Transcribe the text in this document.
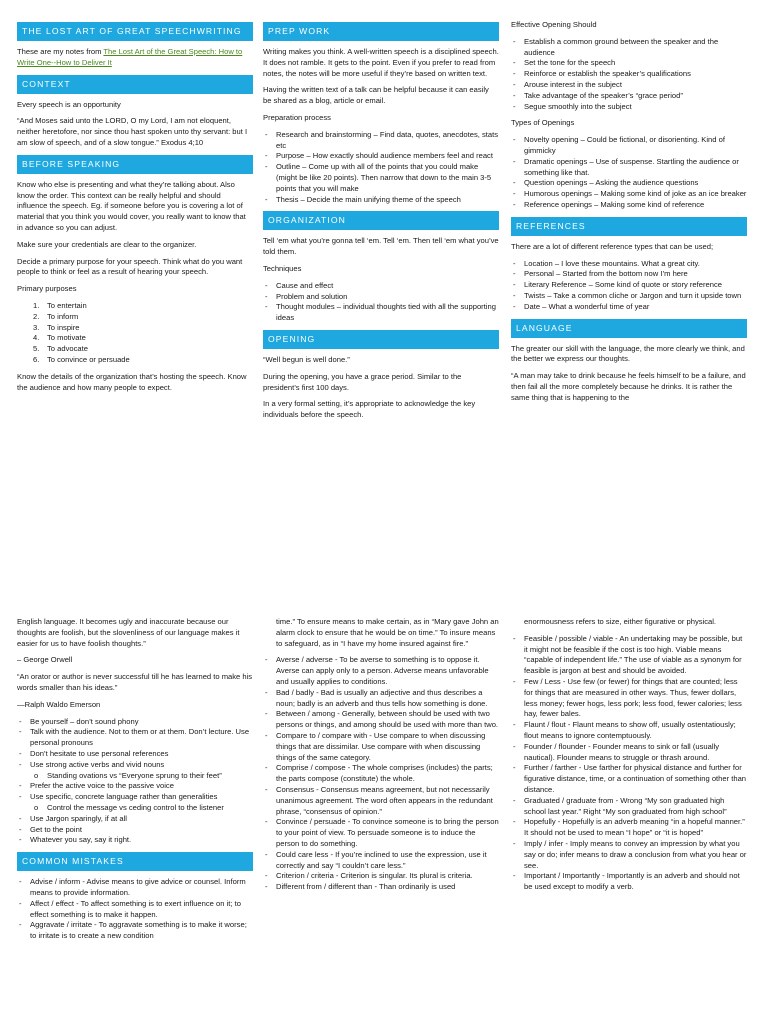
THE LOST ART OF GREAT SPEECHWRITING

These are my notes from The Lost Art of the Great Speech: How to Write One--How to Deliver It

CONTEXT

Every speech is an opportunity

“And Moses said unto the LORD, O my Lord, I am not eloquent, neither heretofore, nor since thou hast spoken unto thy servant: but I am slow of speech, and of a slow tongue.” Exodus 4;10

BEFORE SPEAKING

Know who else is presenting and what they’re talking about. Also know the order. This context can be really helpful and should influence the speech. Eg. if someone before you is covering a lot of material that you think you would cover, you really want to know that in advance so you can adjust.

Make sure your credentials are clear to the organizer.

Decide a primary purpose for your speech. Think what do you want people to think or feel as a result of hearing your speech.

Primary purposes

1. To entertain
2. To inform
3. To inspire
4. To motivate
5. To advocate
6. To convince or persuade

Know the details of the organization that’s hosting the speech. Know the audience and how many people to expect.

PREP WORK

Writing makes you think. A well-written speech is a disciplined speech. It does not ramble. It gets to the point. Even if you prefer to read from notes, the notes will be more useful if they’re based on written text.

Having the written text of a talk can be helpful because it can easily be shared as a blog, article or email.

Preparation process

- Research and brainstorming – Find data, quotes, anecdotes, stats etc
- Purpose – How exactly should audience members feel and react
- Outline – Come up with all of the points that you could make (might be like 20 points). Then narrow that down to the main 3-5 points that you will make
- Thesis – Decide the main unifying theme of the speech
ORGANIZATION

Tell ‘em what you’re gonna tell ‘em. Tell ‘em. Then tell ‘em what you’ve told them.

Techniques

- Cause and effect
- Problem and solution
- Thought modules – individual thoughts tied with all the supporting ideas
OPENING

“Well begun is well done.”

During the opening, you have a grace period. Similar to the president’s first 100 days.

In a very formal setting, it’s appropriate to acknowledge the key individuals before the speech.

Effective Opening Should

- Establish a common ground between the speaker and the audience
- Set the tone for the speech
- Reinforce or establish the speaker’s qualifications
- Arouse interest in the subject
- Take advantage of the speaker’s “grace period”
- Segue smoothly into the subject

Types of Openings

- Novelty opening – Could be fictional, or disorienting. Kind of gimmicky
- Dramatic openings – Use of suspense. Startling the audience or something like that.
- Question openings – Asking the audience questions
- Humorous openings – Making some kind of joke as an ice breaker
- Reference openings – Making some kind of reference
REFERENCES

There are a lot of different reference types that can be used;

- Location – I love these mountains. What a great city.
- Personal – Started from the bottom now I’m here
- Literary Reference – Some kind of quote or story reference
- Twists – Take a common cliche or Jargon and turn it upside town
- Date – What a wonderful time of year
LANGUAGE

The greater our skill with the language, the more clearly we think, and the better we express our thoughts.

“A man may take to drink because he feels himself to be a failure, and then fail all the more completely because he drinks. It is rather the same thing that is happening to the

English language. It becomes ugly and inaccurate because our thoughts are foolish, but the slovenliness of our language makes it easier for us to have foolish thoughts.”

– George Orwell

“An orator or author is never successful till he has learned to make his words smaller than his ideas.”

—Ralph Waldo Emerson

- Be yourself – don’t sound phony
- Talk with the audience. Not to them or at them. Don’t lecture. Use personal pronouns
- Don’t hesitate to use personal references
- Use strong active verbs and vivid nouns
o Standing ovations vs “Everyone sprung to their feet”
- Prefer the active voice to the passive voice
- Use specific, concrete language rather than generalities
o Control the message vs ceding control to the listener
- Use Jargon sparingly, if at all
- Get to the point
- Whatever you say, say it right.
COMMON MISTAKES
- Advise / inform - Advise means to give advice or counsel. Inform means to provide information.
- Affect / effect - To affect something is to exert influence on it; to effect something is to make it happen.
- Aggravate / irritate - To aggravate something is to make it worse; to irritate is to create a new condition

time.” To ensure means to make certain, as in “Mary gave John an alarm clock to ensure that he would be on time.” To insure means to safeguard, as in “I have my home insured against fire.”

- Averse / adverse - To be averse to something is to oppose it. Averse can apply only to a person. Adverse means unfavorable and usually applies to conditions.
- Bad / badly - Bad is usually an adjective and thus describes a noun; badly is an adverb and thus tells how something is done.
- Between / among - Generally, between should be used with two persons or things, and among should be used with more than two.
- Compare to / compare with - Use compare to when discussing things that are dissimilar. Use compare with when discussing things of the same category.
- Comprise / compose - The whole comprises (includes) the parts; the parts compose (constitute) the whole.
- Consensus - Consensus means agreement, but not necessarily unanimous agreement. The word often appears in the redundant phrase, “consensus of opinion.”
- Convince / persuade - To convince someone is to bring the person to your point of view. To persuade someone is to induce the person to do something.
- Could care less - If you’re inclined to use the expression, use it correctly and say “I couldn’t care less.”
- Criterion / criteria - Criterion is singular. Its plural is criteria.
- Different from / different than - Than ordinarily is used

enormousness refers to size, either figurative or physical.

- Feasible / possible / viable - An undertaking may be possible, but it might not be feasible if the cost is too high. Viable means “capable of independent life.” The use of viable as a synonym for feasible is jargon at best and should be avoided.
- Few / Less - Use few (or fewer) for things that are counted; less for things that are measured in other ways. Thus, fewer dollars, less money; fewer hogs, less pork; less food, fewer calories; less hay, fewer bales.
- Flaunt / flout - Flaunt means to show off, usually ostentatiously; flout means to ignore contemptuously.
- Founder / flounder - Founder means to sink or fall (usually nautical). Flounder means to struggle or thrash around.
- Further / farther - Use farther for physical distance and further for figurative distance, time, or a continuation of something other than distance.
- Graduated / graduate from - Wrong “My son graduated high school last year.” Right “My son graduated from high school”
- Hopefully - Hopefully is an adverb meaning “in a hopeful manner.” It should not be used to mean “I hope” or “it is hoped”
- Imply / infer - Imply means to convey an impression by what you say or do; infer means to draw a conclusion from what you hear or see.
- Important / Importantly - Importantly is an adverb and should not be used except to modify a verb.
